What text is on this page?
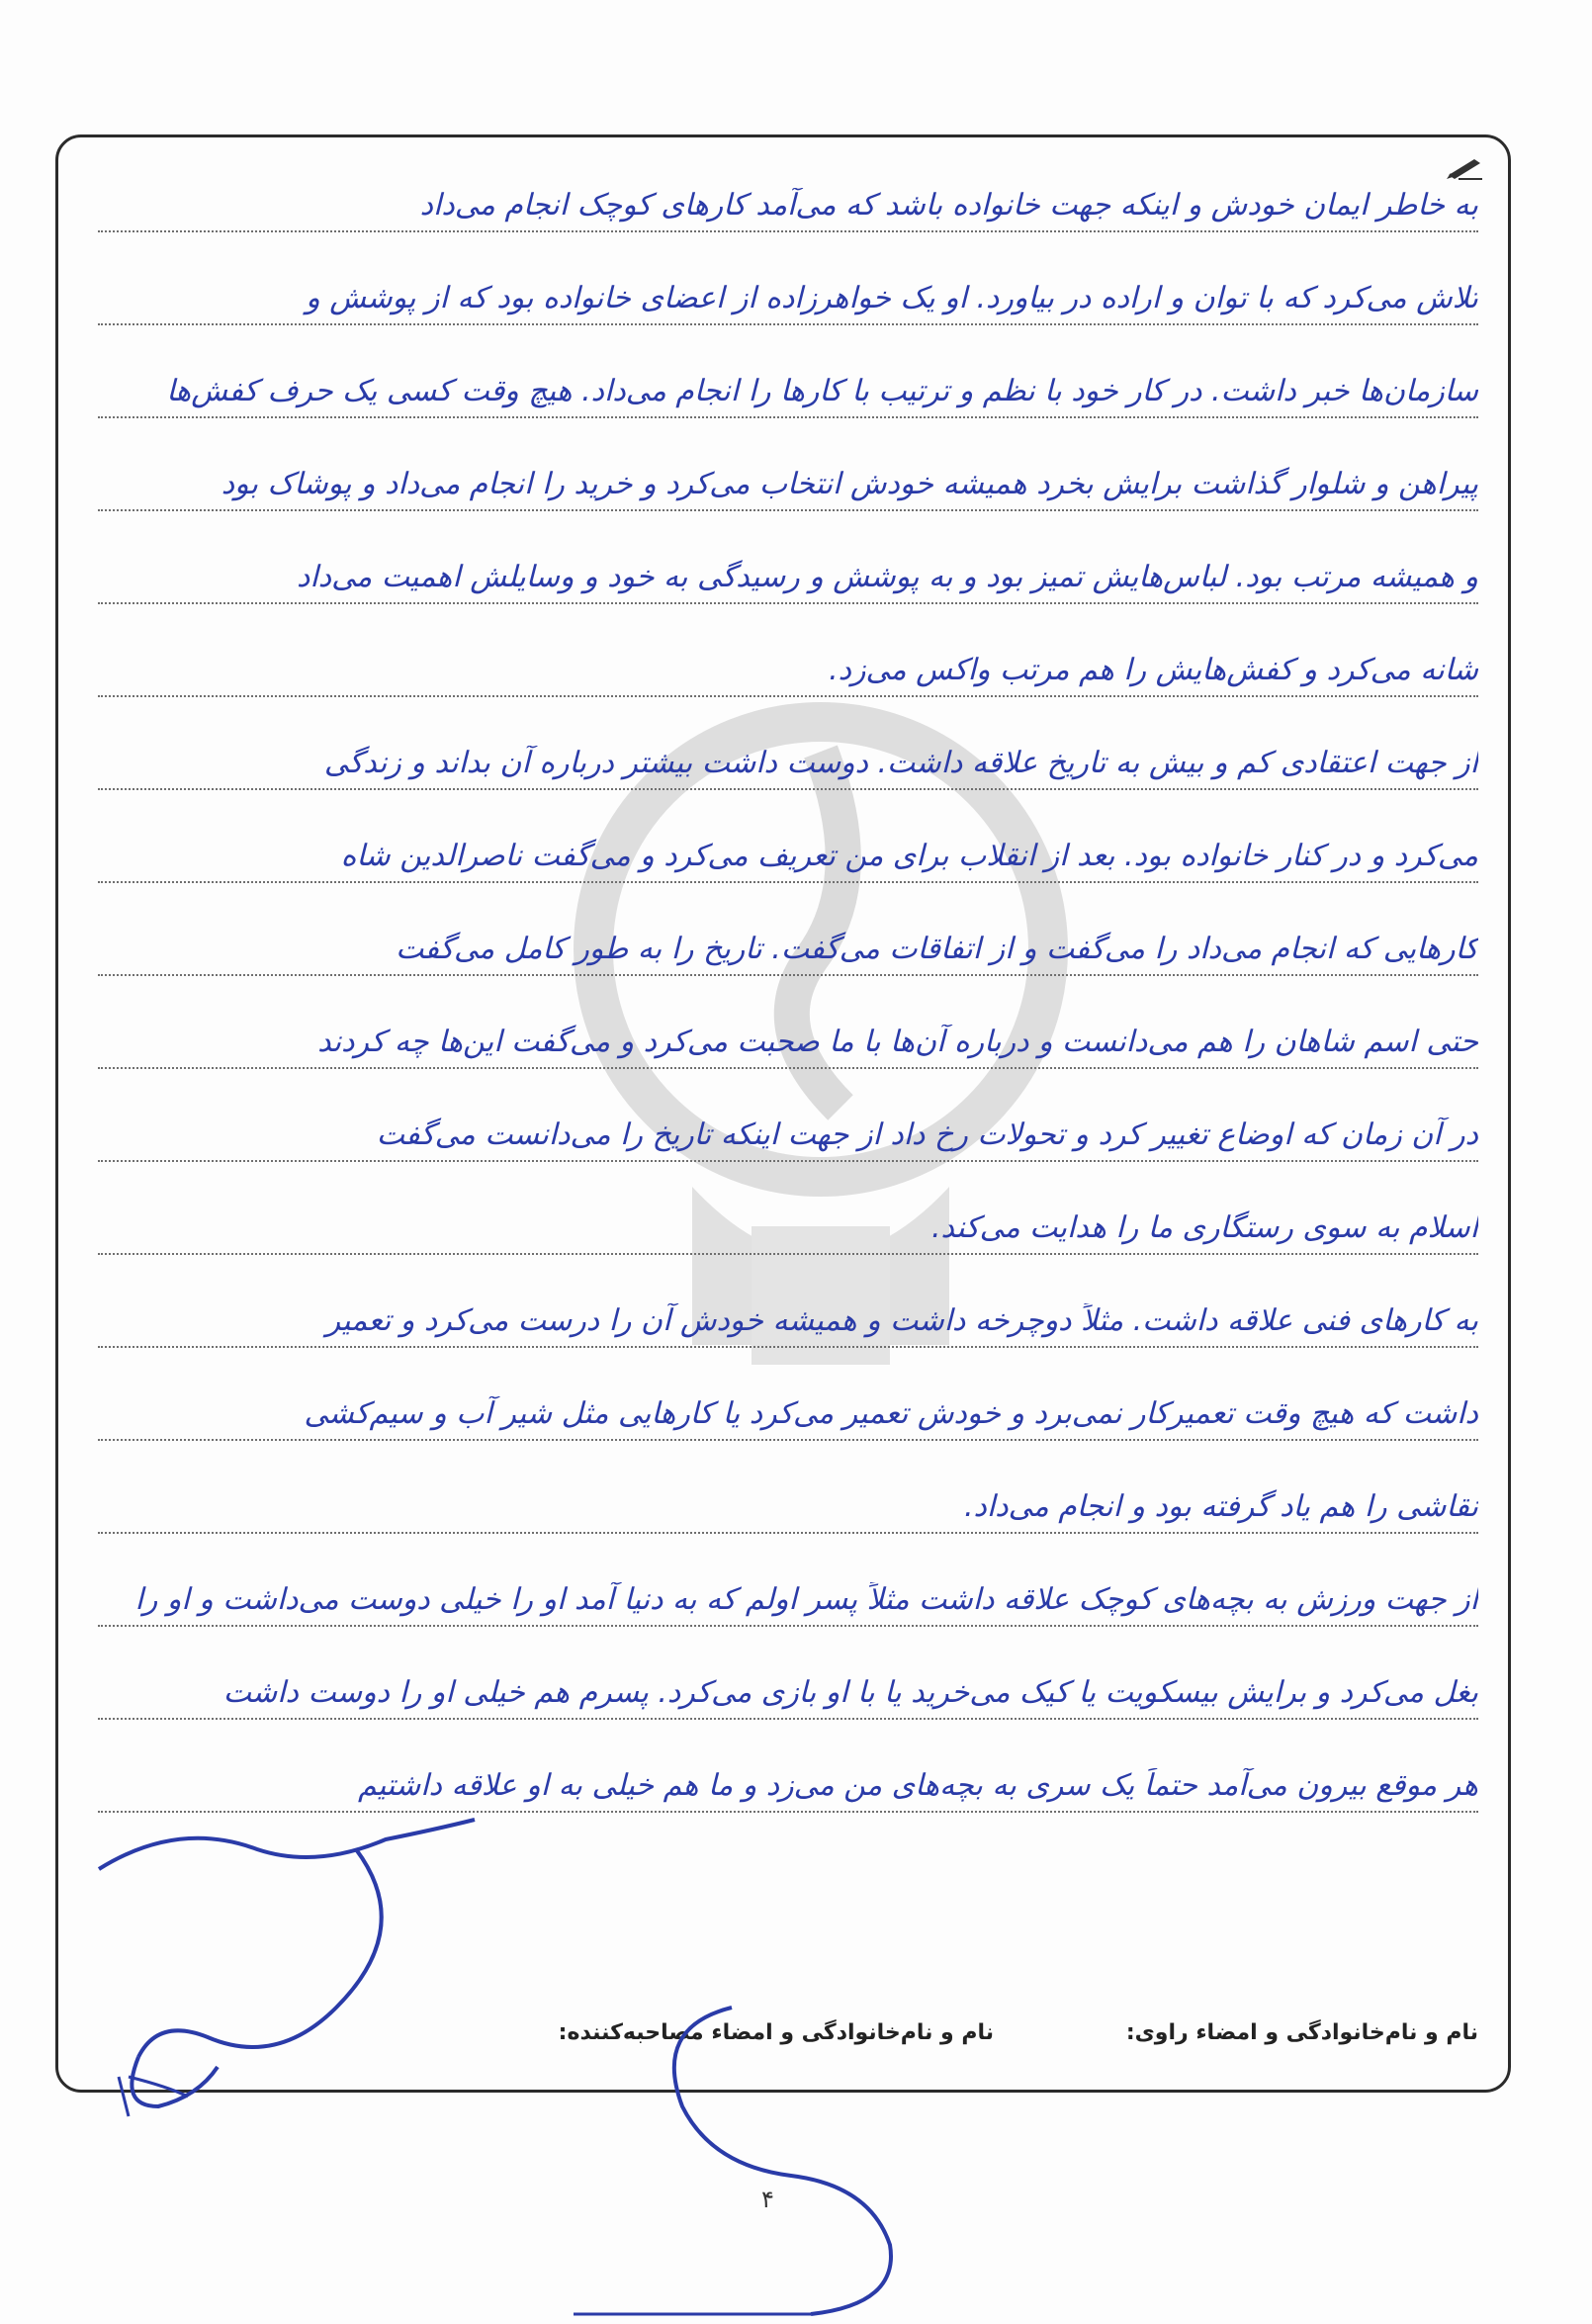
به خاطر ایمان خودش و اینکه جهت خانواده باشد که می‌آمد کارهای کوچک انجام می‌داد
تلاش می‌کرد که با توان و اراده در بیاورد. او یک خواهرزاده از اعضای خانواده بود که از پوشش و
سازمان‌ها خبر داشت. در کار خود با نظم و ترتیب با کارها را انجام می‌داد. هیچ وقت کسی یک حرف کفش‌ها
پیراهن و شلوار گذاشت برایش بخرد همیشه خودش انتخاب می‌کرد و خرید را انجام می‌داد و پوشاک بود
و همیشه مرتب بود. لباس‌هایش تمیز بود و به پوشش و رسیدگی به خود و وسایلش اهمیت می‌داد
شانه می‌کرد و کفش‌هایش را هم مرتب واکس می‌زد.
از جهت اعتقادی کم و بیش به تاریخ علاقه داشت. دوست داشت بیشتر درباره آن بداند و زندگی
می‌کرد و در کنار خانواده بود. بعد از انقلاب برای من تعریف می‌کرد و می‌گفت ناصرالدین شاه
کارهایی که انجام می‌داد را می‌گفت و از اتفاقات می‌گفت. تاریخ را به طور کامل می‌گفت
حتی اسم شاهان را هم می‌دانست و درباره آن‌ها با ما صحبت می‌کرد و می‌گفت این‌ها چه کردند
در آن زمان که اوضاع تغییر کرد و تحولات رخ داد از جهت اینکه تاریخ را می‌دانست می‌گفت
اسلام به سوی رستگاری ما را هدایت می‌کند.
به کارهای فنی علاقه داشت. مثلاً دوچرخه داشت و همیشه خودش آن را درست می‌کرد و تعمیر
داشت که هیچ وقت تعمیرکار نمی‌برد و خودش تعمیر می‌کرد یا کارهایی مثل شیر آب و سیم‌کشی
نقاشی را هم یاد گرفته بود و انجام می‌داد.
از جهت ورزش به بچه‌های کوچک علاقه داشت مثلاً پسر اولم که به دنیا آمد او را خیلی دوست می‌داشت و او را
بغل می‌کرد و برایش بیسکویت یا کیک می‌خرید یا با او بازی می‌کرد. پسرم هم خیلی او را دوست داشت
هر موقع بیرون می‌آمد حتماً یک سری به بچه‌های من می‌زد و ما هم خیلی به او علاقه داشتیم
نام و نام‌خانوادگی و امضاء راوی:
نام و نام‌خانوادگی و امضاء مصاحبه‌کننده:
۴
